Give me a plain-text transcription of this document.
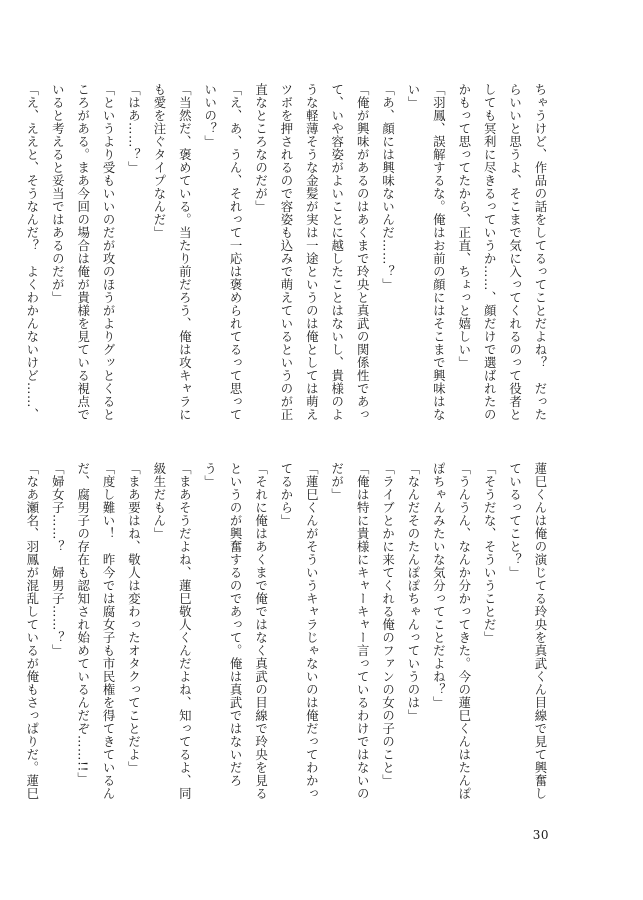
ちゃうけど、作品の話をしてるってことだよね？　だった
らいいと思うよ、そこまで気に入ってくれるのって役者と
しても冥利に尽きるっていうか……、顔だけで選ばれたの
かもって思ってたから、正直、ちょっと嬉しい」
「羽鳳、誤解するな。俺はお前の顔にはそこまで興味はな
い」
「あ、顔には興味ないんだ……？」
「俺が興味があるのはあくまで玲央と真武の関係性であっ
て、いや容姿がよいことに越したことはないし、貴様のよ
うな軽薄そうな金髪が実は一途というのは俺としては萌え
ツボを押されるので容姿も込みで萌えているというのが正
直なところなのだが」
「え、あ、うん、それって一応は褒められてるって思って
いいの？」
「当然だ、褒めている。当たり前だろう、俺は攻キャラに
も愛を注ぐタイプなんだ」
「はあ……？」
「というより受もいいのだが攻のほうがよりグッとくると
ころがある。まあ今回の場合は俺が貴様を見ている視点で
いると考えると妥当ではあるのだが」
「え、ええと、そうなんだ？　よくわかんないけど……、
蓮巳くんは俺の演じてる玲央を真武くん目線で見て興奮し
ているってこと？」
「そうだな、そういうことだ」
「うんうん、なんか分かってきた。今の蓮巳くんはたんぽ
ぽちゃんみたいな気分ってことだよね？」
「なんだそのたんぽぽちゃんっていうのは」
「ライブとかに来てくれる俺のファンの女の子のこと」
「俺は特に貴様にキャーキャー言っているわけではないの
だが」
「蓮巳くんがそういうキャラじゃないのは俺だってわかっ
てるから」
「それに俺はあくまで俺ではなく真武の目線で玲央を見る
というのが興奮するのであって。俺は真武ではないだろ
う」
「まあそうだよね、蓮巳敬人くんだよね、知ってるよ、同
級生だもん」
「まあ要はね、敬人は変わったオタクってことだよ」
「度し難い！　昨今では腐女子も市民権を得てきているん
だ、腐男子の存在も認知され始めているんだぞ……!!」
「婦女子……？　婦男子……？」
「なあ瀬名、羽鳳が混乱しているが俺もさっぱりだ。蓮巳
30
